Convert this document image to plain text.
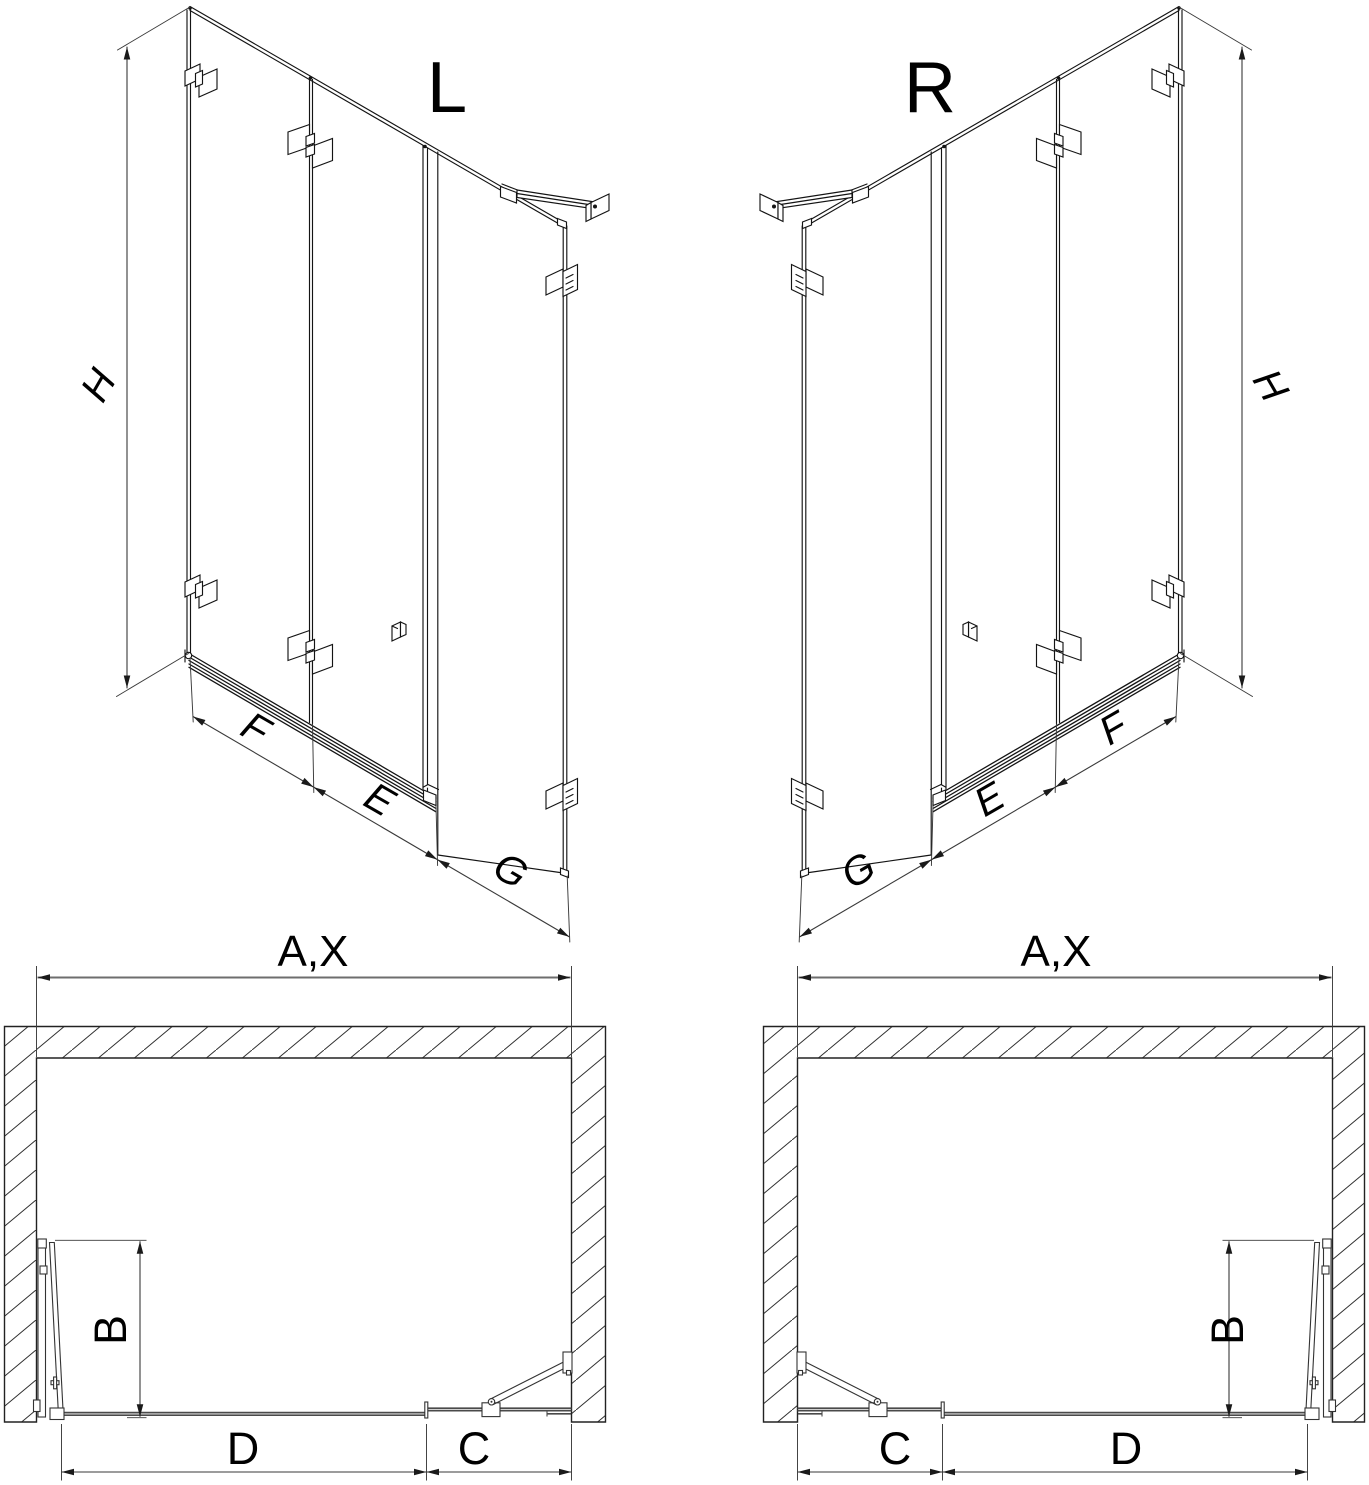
L	R
H	H
F
E
G
F
E
G
A,X	A,X
B	B
D	C	C	D
